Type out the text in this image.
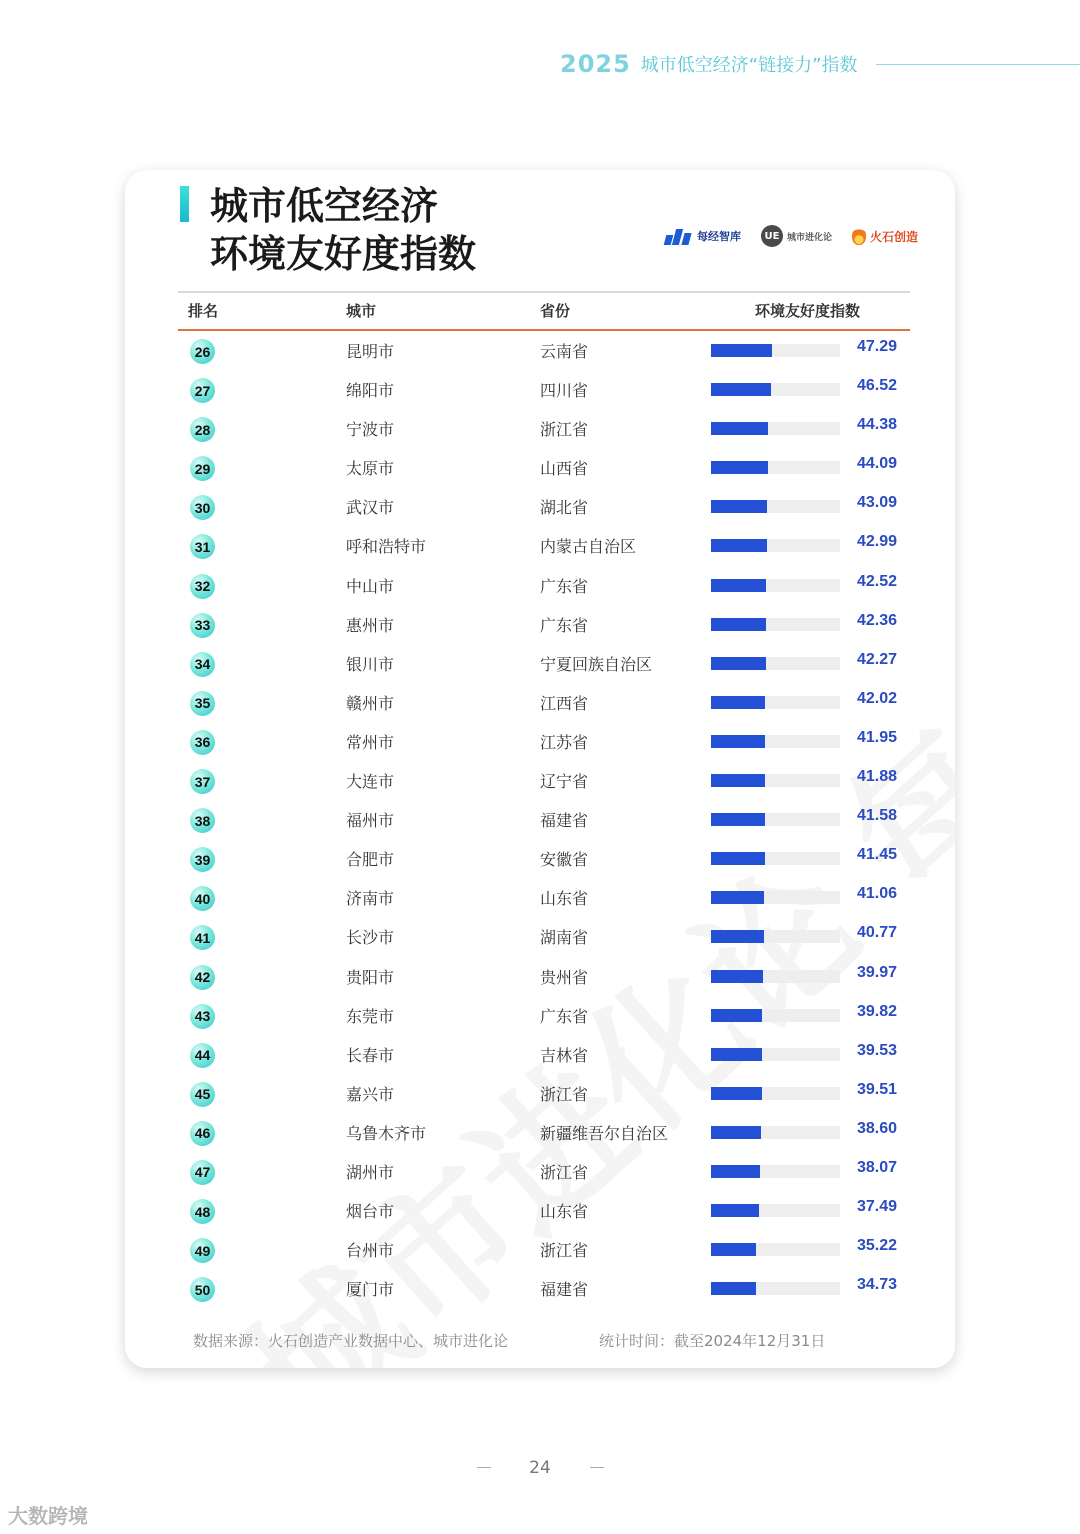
2025 城市低空经济“链接力”指数
城市低空经济
环境友好度指数	每经智库	UE 城市进化论	火石创造
排名	城市	省份	环境友好度指数
26	昆明市	云南省	47.29
27	绵阳市	四川省	46.52
28	宁波市	浙江省	44.38
29	太原市	山西省	44.09
30	武汉市	湖北省	43.09
31	呼和浩特市	内蒙古自治区	42.99
32	中山市	广东省	42.52
33	惠州市	广东省	42.36
34	银川市	宁夏回族自治区	42.27
35	赣州市	江西省	42.02
36	常州市	江苏省	41.95
37	大连市	辽宁省	41.88
38	福州市	福建省	41.58
39	合肥市	安徽省	41.45
40	济南市	山东省	41.06
41	长沙市	湖南省	40.77
42	贵阳市	贵州省	39.97
43	东莞市	广东省	39.82
44	长春市	吉林省	39.53
45	嘉兴市	浙江省	39.51
46	乌鲁木齐市	新疆维吾尔自治区	38.60
47	湖州市	浙江省	38.07
48	烟台市	山东省	37.49
49	台州市	浙江省	35.22
50	厦门市	福建省	34.73
数据来源：火石创造产业数据中心、城市进化论	统计时间：截至2024年12月31日
24
大数跨境
